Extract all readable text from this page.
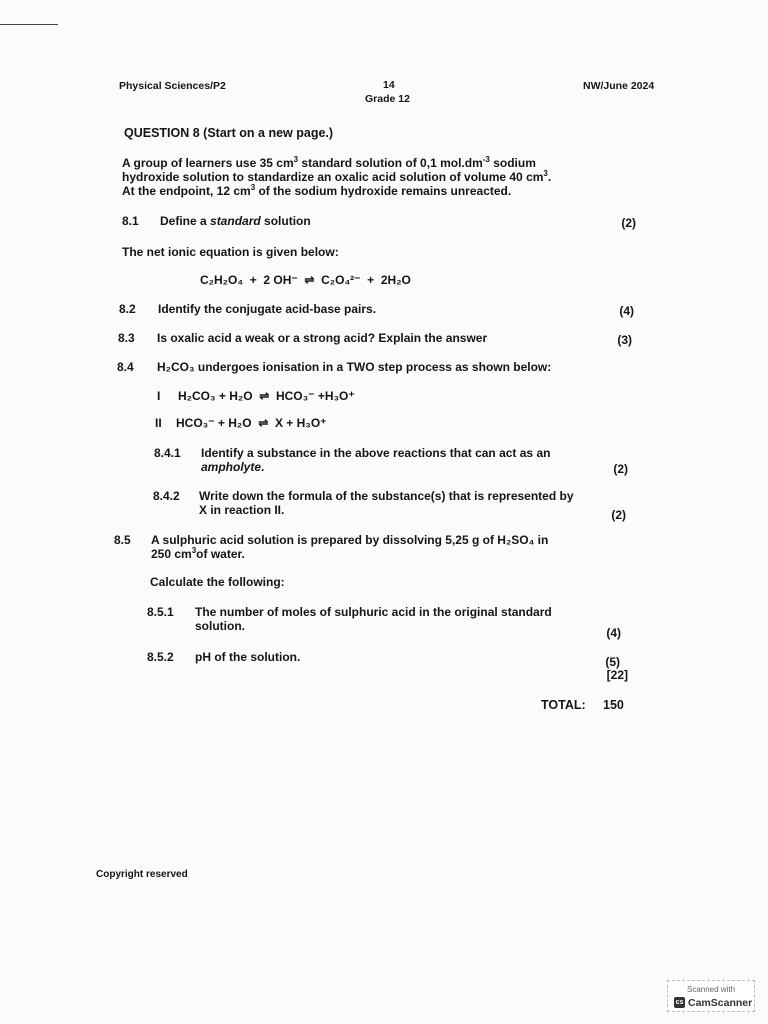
Physical Sciences/P2	14
Grade 12
NW/June 2024
QUESTION 8 (Start on a new page.)
A group of learners use 35 $cm^3$ standard solution of 0,1 $mol.dm^{-3}$ sodium
hydroxide solution to standardize an oxalic acid solution of volume 40 $cm^3$.
At the endpoint, 12 $cm^3$ of the sodium hydroxide remains unreacted.
8.1 Define a standard solution	(2)
The net ionic equation is given below:
C₂H₂O₄  +  2 OH⁻  ⇌  C₂O₄²⁻  +  2H₂O
8.2 Identify the conjugate acid-base pairs.	(4)
8.3 Is oxalic acid a weak or a strong acid? Explain the answer	(3)
8.4 H₂CO₃ undergoes ionisation in a TWO step process as shown below:
I H₂CO₃ + H₂O  ⇌  HCO₃⁻ +H₃O⁺
II HCO₃⁻ + H₂O  ⇌  X + H₃O⁺
8.4.1 Identify a substance in the above reactions that can act as an
ampholyte.	(2)
8.4.2 Write down the formula of the substance(s) that is represented by
X in reaction II.	(2)
8.5 A sulphuric acid solution is prepared by dissolving 5,25 g of H₂SO₄ in
250 $cm^3of$ water.
Calculate the following:
8.5.1 The number of moles of sulphuric acid in the original standard
solution.	(4)
8.5.2 pH of the solution.	(5)
[22]
TOTAL: 150
Copyright reserved
Scanned with
cs CamScanner
